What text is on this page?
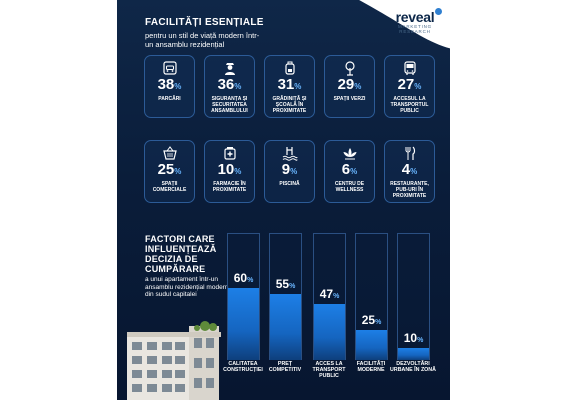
reveal
MARKETING RESEARCH
FACILITĂȚI ESENȚIALE
pentru un stil de viață modern într-un ansamblu rezidențial
38%
PARCĂRI
36%
SIGURANȚA ȘI SECURITATEA ANSAMBLULUI
31%
GRĂDINIȚĂ ȘI ȘCOALĂ ÎN PROXIMITATE
29%
SPAȚII VERZI
27%
ACCESUL LA TRANSPORTUL PUBLIC
25%
SPAȚII COMERCIALE
10%
FARMACIE ÎN PROXIMITATE
9%
PISCINĂ
6%
CENTRU DE WELLNESS
4%
RESTAURANTE, PUB-URI ÎN PROXIMITATE
FACTORI CARE INFLUENȚEAZĂ DECIZIA DE CUMPĂRARE
a unui apartament într-un ansamblu rezidențial modern din sudul capitalei
60%
CALITATEA CONSTRUCȚIEI
55%
PREȚ COMPETITIV
47%
ACCES LA TRANSPORT PUBLIC
25%
FACILITĂȚI MODERNE
10%
DEZVOLTĂRI URBANE ÎN ZONĂ
